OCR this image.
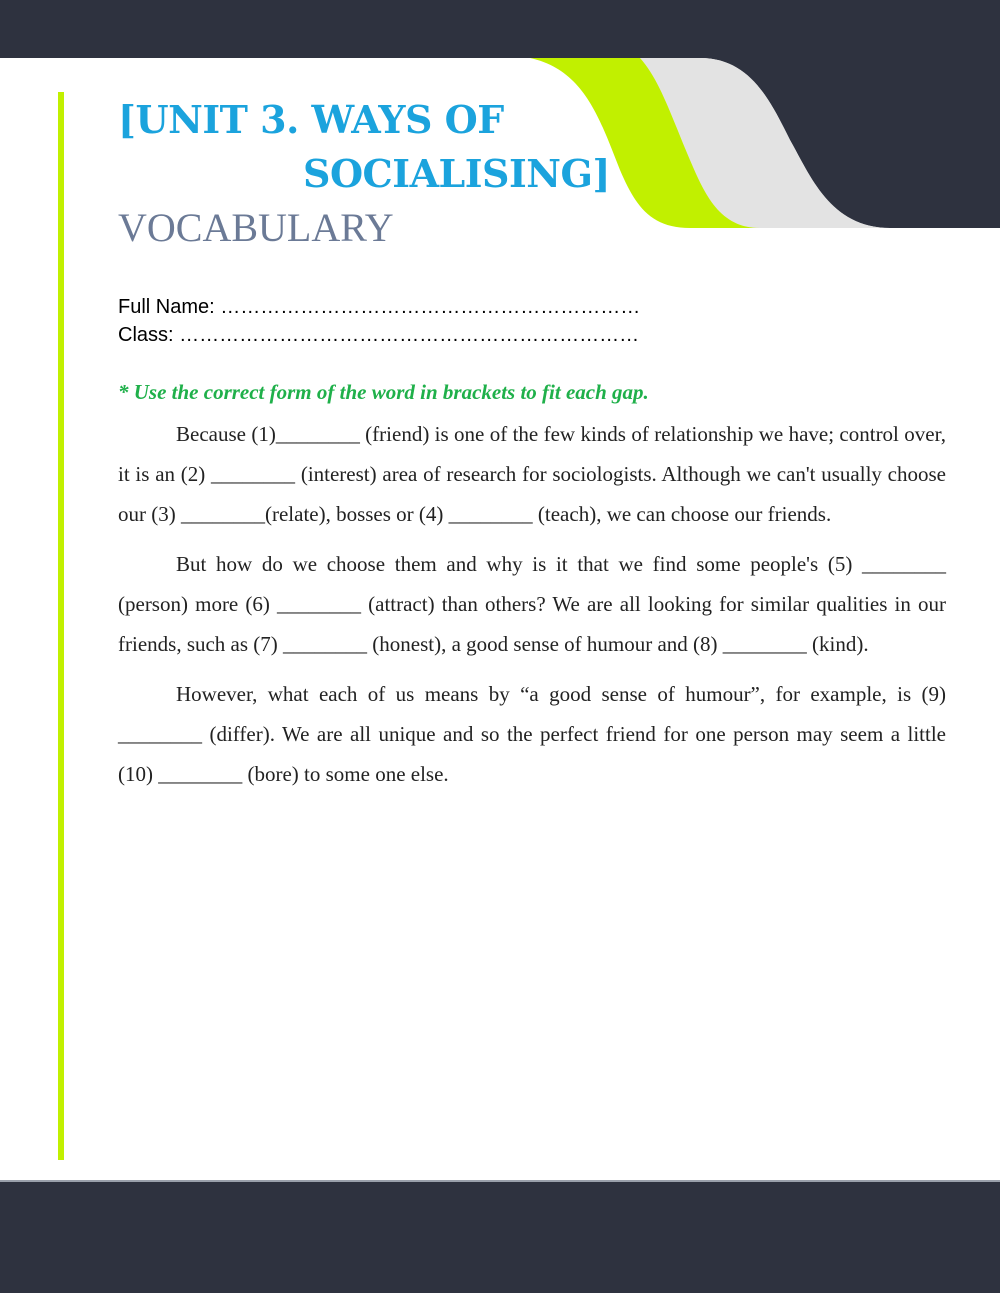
[UNIT 3. WAYS OF
SOCIALISING]
VOCABULARY
Full Name: ………………………………………………………
Class: ……………………………………………………………
* Use the correct form of the word in brackets to fit each gap.

Because (1)________ (friend) is one of the few kinds of relationship we have; control over, it is an (2) ________ (interest) area of research for sociologists. Although we can't usually choose our (3) ________(relate), bosses or (4) ________ (teach), we can choose our friends.

But how do we choose them and why is it that we find some people's (5) ________ (person) more (6) ________ (attract) than others? We are all looking for similar qualities in our friends, such as (7) ________ (honest), a good sense of humour and (8) ________ (kind).

However, what each of us means by “a good sense of humour”, for example, is (9) ________ (differ). We are all unique and so the perfect friend for one person may seem a little (10) ________ (bore) to some one else.
